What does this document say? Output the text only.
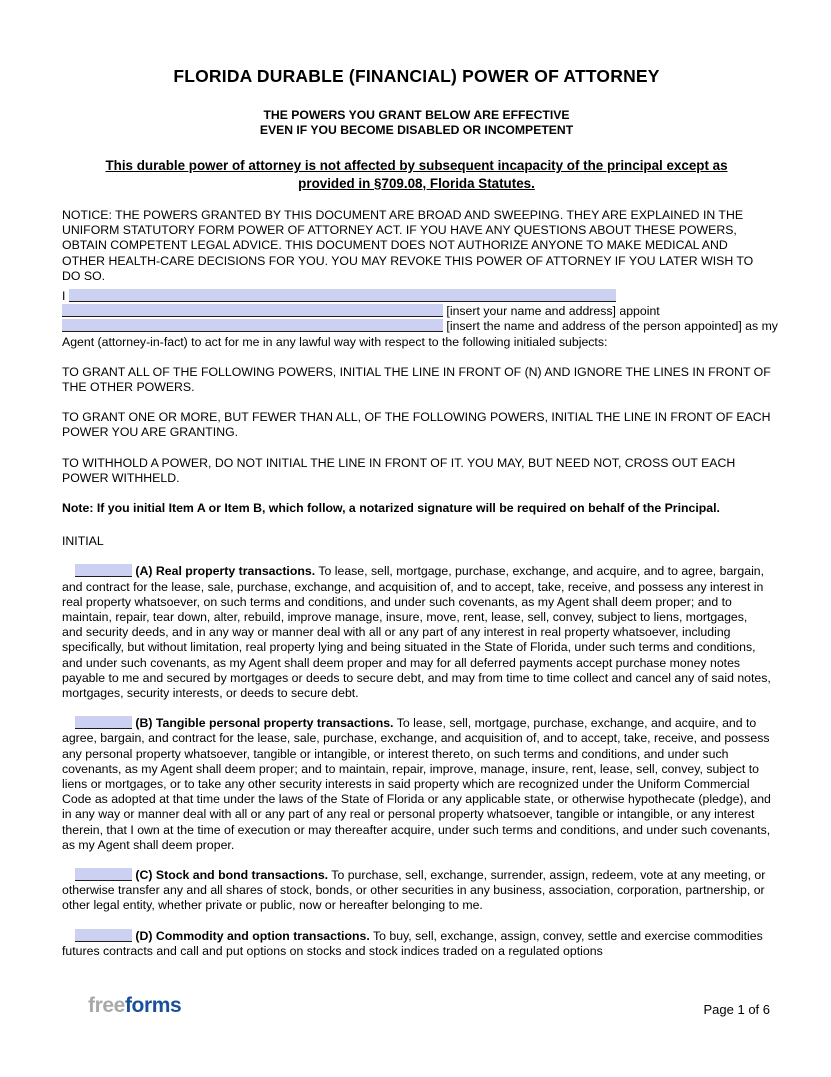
FLORIDA DURABLE (FINANCIAL) POWER OF ATTORNEY
THE POWERS YOU GRANT BELOW ARE EFFECTIVE
EVEN IF YOU BECOME DISABLED OR INCOMPETENT
This durable power of attorney is not affected by subsequent incapacity of the principal except as provided in §709.08, Florida Statutes.
NOTICE: THE POWERS GRANTED BY THIS DOCUMENT ARE BROAD AND SWEEPING. THEY ARE EXPLAINED IN THE UNIFORM STATUTORY FORM POWER OF ATTORNEY ACT. IF YOU HAVE ANY QUESTIONS ABOUT THESE POWERS, OBTAIN COMPETENT LEGAL ADVICE. THIS DOCUMENT DOES NOT AUTHORIZE ANYONE TO MAKE MEDICAL AND OTHER HEALTH-CARE DECISIONS FOR YOU. YOU MAY REVOKE THIS POWER OF ATTORNEY IF YOU LATER WISH TO DO SO.
I
[insert your name and address] appoint
[insert the name and address of the person appointed] as my
Agent (attorney-in-fact) to act for me in any lawful way with respect to the following initialed subjects:
TO GRANT ALL OF THE FOLLOWING POWERS, INITIAL THE LINE IN FRONT OF (N) AND IGNORE THE LINES IN FRONT OF THE OTHER POWERS.
TO GRANT ONE OR MORE, BUT FEWER THAN ALL, OF THE FOLLOWING POWERS, INITIAL THE LINE IN FRONT OF EACH POWER YOU ARE GRANTING.
TO WITHHOLD A POWER, DO NOT INITIAL THE LINE IN FRONT OF IT. YOU MAY, BUT NEED NOT, CROSS OUT EACH POWER WITHHELD.
Note: If you initial Item A or Item B, which follow, a notarized signature will be required on behalf of the Principal.
INITIAL
(A) Real property transactions. To lease, sell, mortgage, purchase, exchange, and acquire, and to agree, bargain, and contract for the lease, sale, purchase, exchange, and acquisition of, and to accept, take, receive, and possess any interest in real property whatsoever, on such terms and conditions, and under such covenants, as my Agent shall deem proper; and to maintain, repair, tear down, alter, rebuild, improve manage, insure, move, rent, lease, sell, convey, subject to liens, mortgages, and security deeds, and in any way or manner deal with all or any part of any interest in real property whatsoever, including specifically, but without limitation, real property lying and being situated in the State of Florida, under such terms and conditions, and under such covenants, as my Agent shall deem proper and may for all deferred payments accept purchase money notes payable to me and secured by mortgages or deeds to secure debt, and may from time to time collect and cancel any of said notes, mortgages, security interests, or deeds to secure debt.
(B) Tangible personal property transactions. To lease, sell, mortgage, purchase, exchange, and acquire, and to agree, bargain, and contract for the lease, sale, purchase, exchange, and acquisition of, and to accept, take, receive, and possess any personal property whatsoever, tangible or intangible, or interest thereto, on such terms and conditions, and under such covenants, as my Agent shall deem proper; and to maintain, repair, improve, manage, insure, rent, lease, sell, convey, subject to liens or mortgages, or to take any other security interests in said property which are recognized under the Uniform Commercial Code as adopted at that time under the laws of the State of Florida or any applicable state, or otherwise hypothecate (pledge), and in any way or manner deal with all or any part of any real or personal property whatsoever, tangible or intangible, or any interest therein, that I own at the time of execution or may thereafter acquire, under such terms and conditions, and under such covenants, as my Agent shall deem proper.
(C) Stock and bond transactions. To purchase, sell, exchange, surrender, assign, redeem, vote at any meeting, or otherwise transfer any and all shares of stock, bonds, or other securities in any business, association, corporation, partnership, or other legal entity, whether private or public, now or hereafter belonging to me.
(D) Commodity and option transactions. To buy, sell, exchange, assign, convey, settle and exercise commodities futures contracts and call and put options on stocks and stock indices traded on a regulated options
freeforms	Page 1 of 6
